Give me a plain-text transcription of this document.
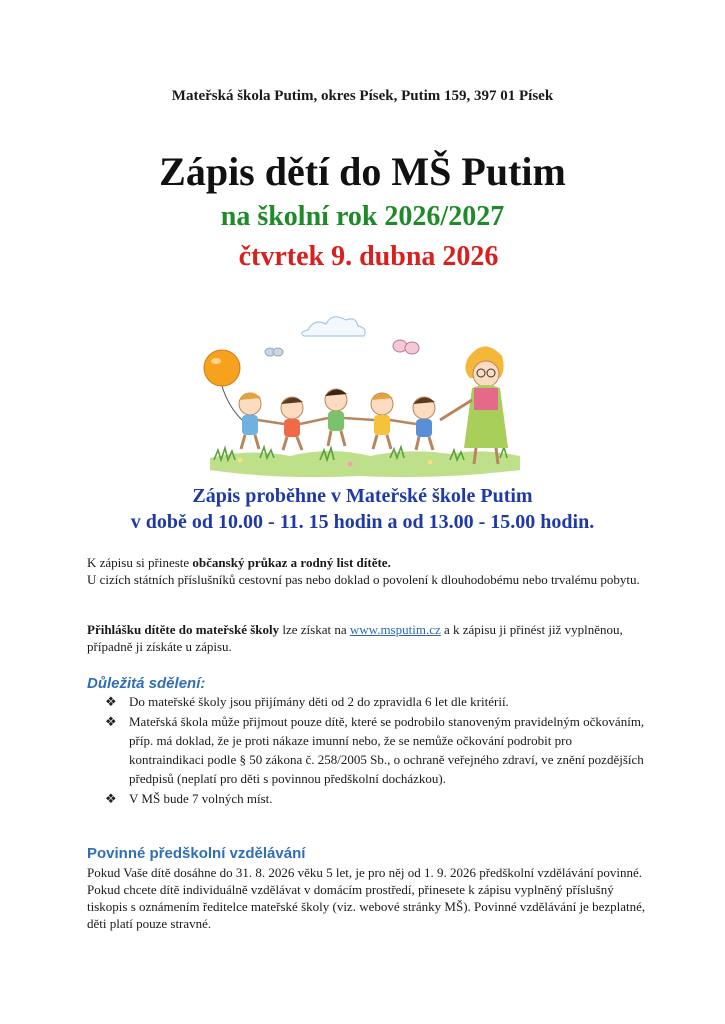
Mateřská škola Putim, okres Písek, Putim 159, 397 01 Písek
Zápis dětí do MŠ Putim
na školní rok 2026/2027
čtvrtek 9. dubna 2026
Zápis proběhne v Mateřské škole Putim
v době od 10.00 - 11. 15 hodin a od 13.00 - 15.00 hodin.
K zápisu si přineste občanský průkaz a rodný list dítěte.
U cizích státních příslušníků cestovní pas nebo doklad o povolení k dlouhodobému nebo trvalému pobytu.
Přihlášku dítěte do mateřské školy lze získat na www.msputim.cz a k zápisu ji přinést již vyplněnou, případně ji získáte u zápisu.
Důležitá sdělení:
❖ Do mateřské školy jsou přijímány děti od 2 do zpravidla 6 let dle kritérií.
❖ Mateřská škola může přijmout pouze dítě, které se podrobilo stanoveným pravidelným očkováním, příp. má doklad, že je proti nákaze imunní nebo, že se nemůže očkování podrobit pro kontraindikaci podle § 50 zákona č. 258/2005 Sb., o ochraně veřejného zdraví, ve znění pozdějších předpisů (neplatí pro děti s povinnou předškolní docházkou).
❖ V MŠ bude 7 volných míst.
Povinné předškolní vzdělávání
Pokud Vaše dítě dosáhne do 31. 8. 2026 věku 5 let, je pro něj od 1. 9. 2026 předškolní vzdělávání povinné. Pokud chcete dítě individuálně vzdělávat v domácím prostředí, přinesete k zápisu vyplněný příslušný tiskopis s oznámením ředitelce mateřské školy (viz. webové stránky MŠ). Povinné vzdělávání je bezplatné, děti platí pouze stravné.
